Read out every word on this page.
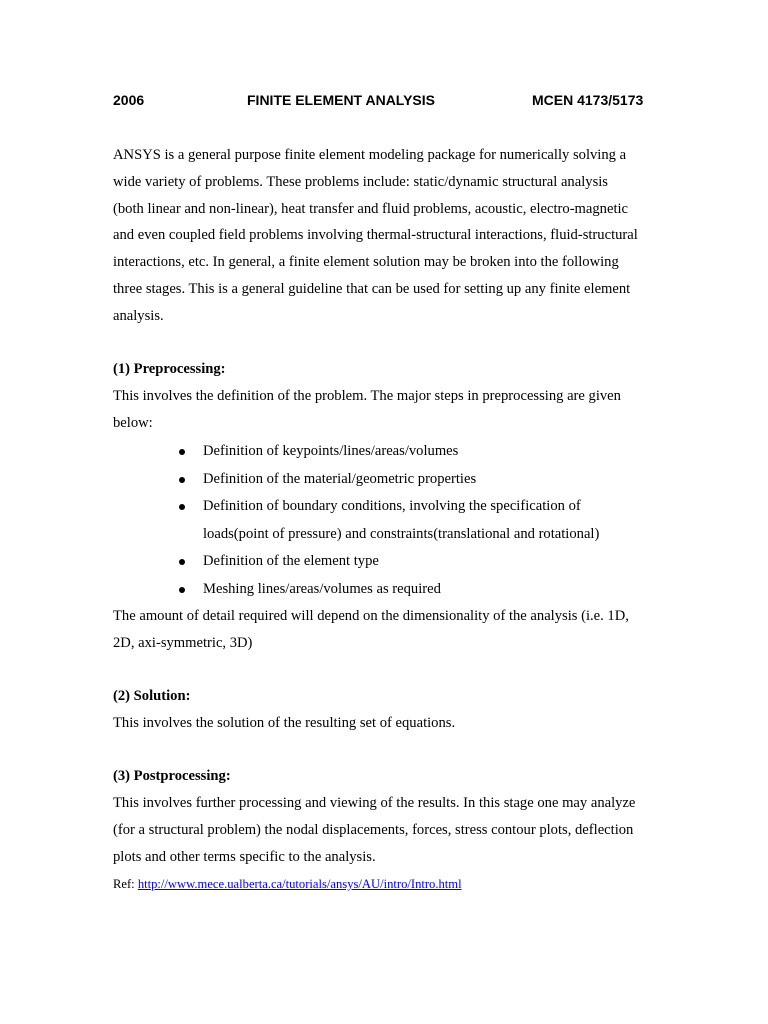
2006	FINITE ELEMENT ANALYSIS	MCEN 4173/5173
ANSYS is a general purpose finite element modeling package for numerically solving a
wide variety of problems. These problems include: static/dynamic structural analysis
(both linear and non-linear), heat transfer and fluid problems, acoustic, electro-magnetic
and even coupled field problems involving thermal-structural interactions, fluid-structural
interactions, etc. In general, a finite element solution may be broken into the following
three stages. This is a general guideline that can be used for setting up any finite element
analysis.
(1) Preprocessing:
This involves the definition of the problem. The major steps in preprocessing are given
below:
Definition of keypoints/lines/areas/volumes
Definition of the material/geometric properties
Definition of boundary conditions, involving the specification of loads(point of pressure) and constraints(translational and rotational)
Definition of the element type
Meshing lines/areas/volumes as required
The amount of detail required will depend on the dimensionality of the analysis (i.e. 1D,
2D, axi-symmetric, 3D)
(2) Solution:
This involves the solution of the resulting set of equations.
(3) Postprocessing:
This involves further processing and viewing of the results. In this stage one may analyze
(for a structural problem) the nodal displacements, forces, stress contour plots, deflection
plots and other terms specific to the analysis.
Ref: http://www.mece.ualberta.ca/tutorials/ansys/AU/intro/Intro.html
